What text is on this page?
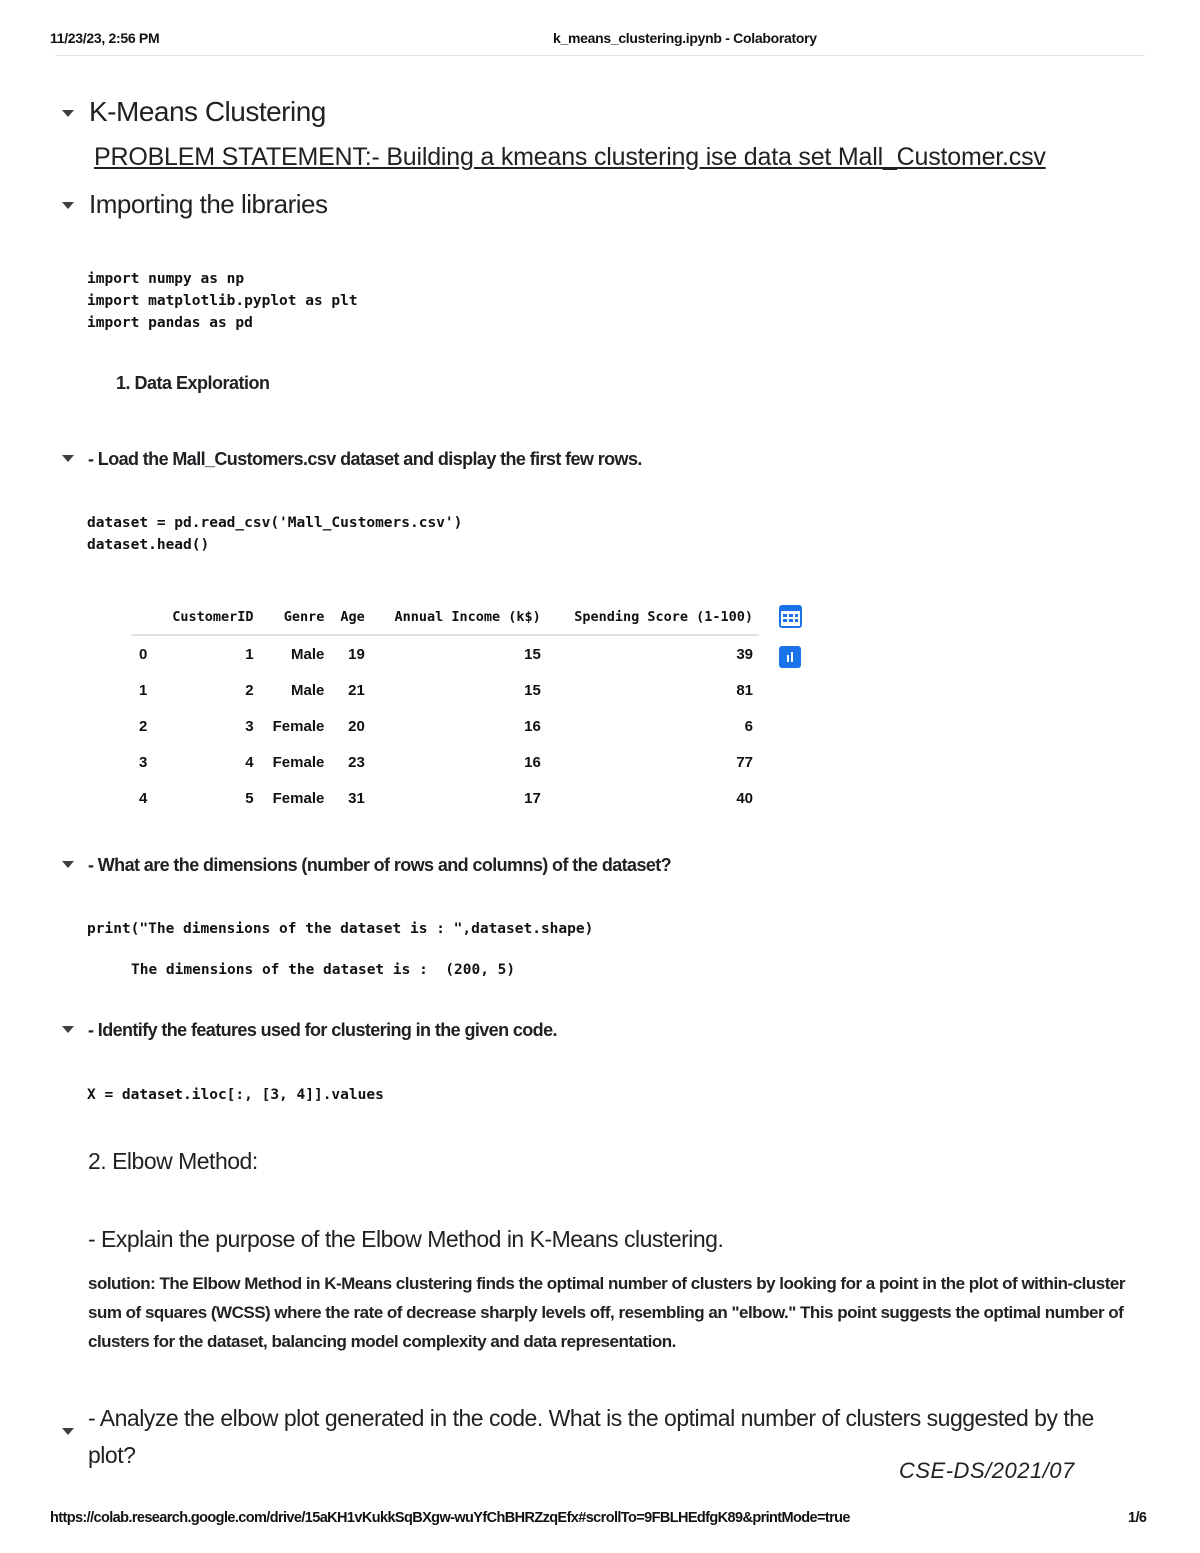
11/23/23, 2:56 PM	k_means_clustering.ipynb - Colaboratory
K-Means Clustering
PROBLEM STATEMENT:- Building a kmeans clustering ise data set Mall_Customer.csv
Importing the libraries
import numpy as np
import matplotlib.pyplot as plt
import pandas as pd
1. Data Exploration
- Load the Mall_Customers.csv dataset and display the first few rows.
dataset = pd.read_csv('Mall_Customers.csv')
dataset.head()
	CustomerID	Genre	Age	Annual Income (k$)	Spending Score (1-100)
0	1	Male	19	15	39
1	2	Male	21	15	81
2	3	Female	20	16	6
3	4	Female	23	16	77
4	5	Female	31	17	40
- What are the dimensions (number of rows and columns) of the dataset?
print("The dimensions of the dataset is : ",dataset.shape)
The dimensions of the dataset is :  (200, 5)
- Identify the features used for clustering in the given code.
X = dataset.iloc[:, [3, 4]].values
2. Elbow Method:
- Explain the purpose of the Elbow Method in K-Means clustering.
solution: The Elbow Method in K-Means clustering finds the optimal number of clusters by looking for a point in the plot of within-cluster sum of squares (WCSS) where the rate of decrease sharply levels off, resembling an "elbow." This point suggests the optimal number of clusters for the dataset, balancing model complexity and data representation.
- Analyze the elbow plot generated in the code. What is the optimal number of clusters suggested by the plot?
CSE-DS/2021/07
https://colab.research.google.com/drive/15aKH1vKukkSqBXgw-wuYfChBHRZzqEfx#scrollTo=9FBLHEdfgK89&printMode=true	1/6
